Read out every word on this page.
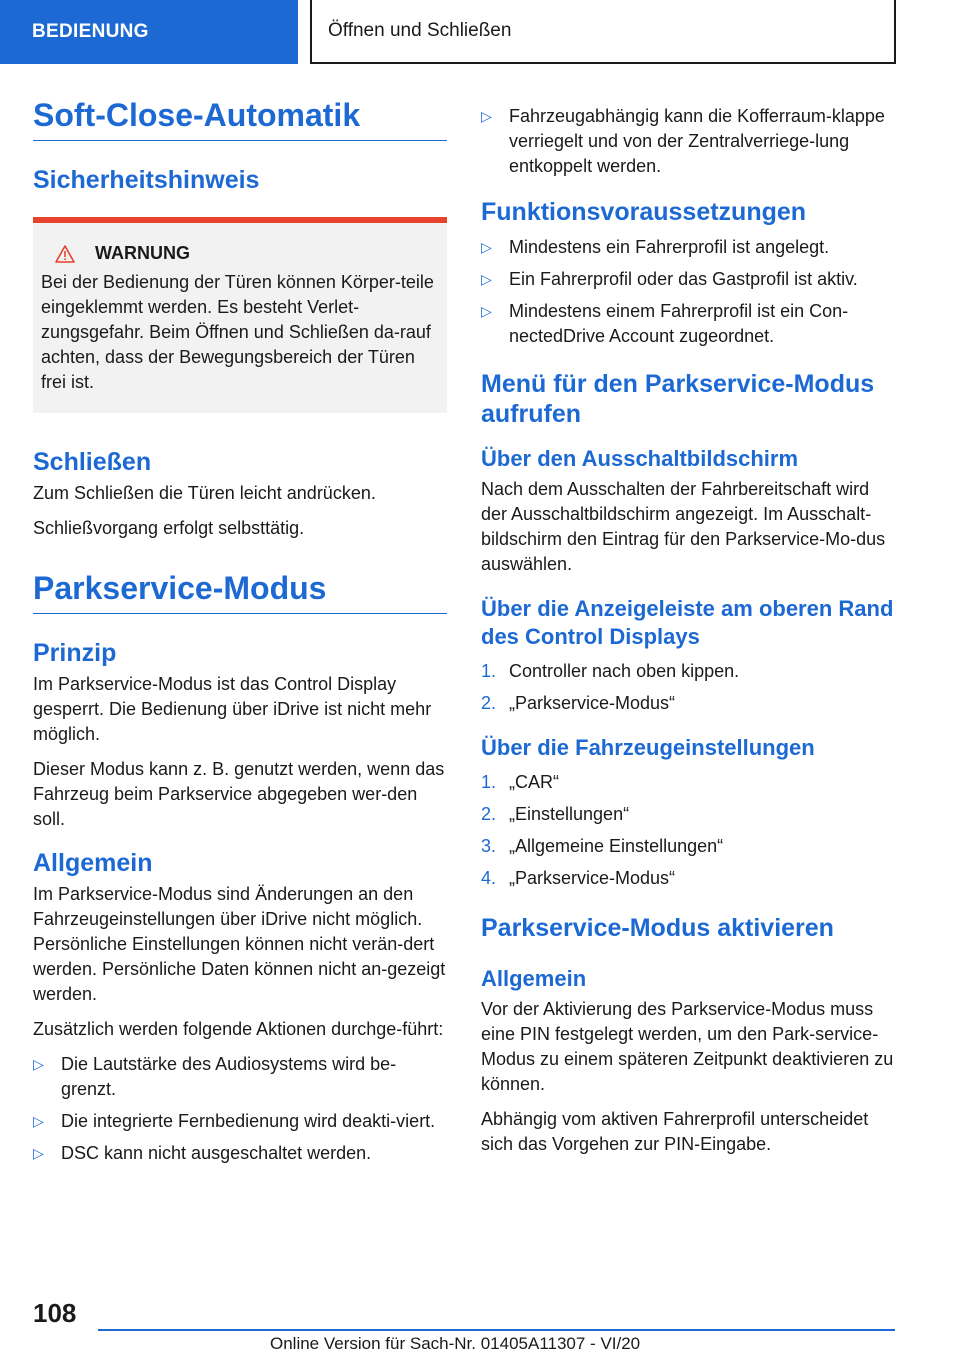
BEDIENUNG	Öffnen und Schließen
Soft-Close-Automatik
Sicherheitshinweis
WARNUNG

Bei der Bedienung der Türen können Körper-teile eingeklemmt werden. Es besteht Verlet-zungsgefahr. Beim Öffnen und Schließen da-rauf achten, dass der Bewegungsbereich der Türen frei ist.

Schließen

Zum Schließen die Türen leicht andrücken.

Schließvorgang erfolgt selbsttätig.

Parkservice-Modus
Prinzip

Im Parkservice-Modus ist das Control Display gesperrt. Die Bedienung über iDrive ist nicht mehr möglich.

Dieser Modus kann z. B. genutzt werden, wenn das Fahrzeug beim Parkservice abgegeben wer-den soll.

Allgemein

Im Parkservice-Modus sind Änderungen an den Fahrzeugeinstellungen über iDrive nicht möglich. Persönliche Einstellungen können nicht verän-dert werden. Persönliche Daten können nicht an-gezeigt werden.

Zusätzlich werden folgende Aktionen durchge-führt:

▷ Die Lautstärke des Audiosystems wird be-grenzt.
▷ Die integrierte Fernbedienung wird deakti-viert.
▷ DSC kann nicht ausgeschaltet werden.
▷ Fahrzeugabhängig kann die Kofferraum-klappe verriegelt und von der Zentralverriege-lung entkoppelt werden.
Funktionsvoraussetzungen
▷ Mindestens ein Fahrerprofil ist angelegt.
▷ Ein Fahrerprofil oder das Gastprofil ist aktiv.
▷ Mindestens einem Fahrerprofil ist ein Con-nectedDrive Account zugeordnet.
Menü für den Parkservice-Modus aufrufen
Über den Ausschaltbildschirm

Nach dem Ausschalten der Fahrbereitschaft wird der Ausschaltbildschirm angezeigt. Im Ausschalt-bildschirm den Eintrag für den Parkservice-Mo-dus auswählen.

Über die Anzeigeleiste am oberen Rand des Control Displays
1. Controller nach oben kippen.
2. „Parkservice-Modus“
Über die Fahrzeugeinstellungen
1. „CAR“
2. „Einstellungen“
3. „Allgemeine Einstellungen“
4. „Parkservice-Modus“
Parkservice-Modus aktivieren
Allgemein

Vor der Aktivierung des Parkservice-Modus muss eine PIN festgelegt werden, um den Park-service-Modus zu einem späteren Zeitpunkt deaktivieren zu können.

Abhängig vom aktiven Fahrerprofil unterscheidet sich das Vorgehen zur PIN-Eingabe.

108
Online Version für Sach-Nr. 01405A11307 - VI/20
